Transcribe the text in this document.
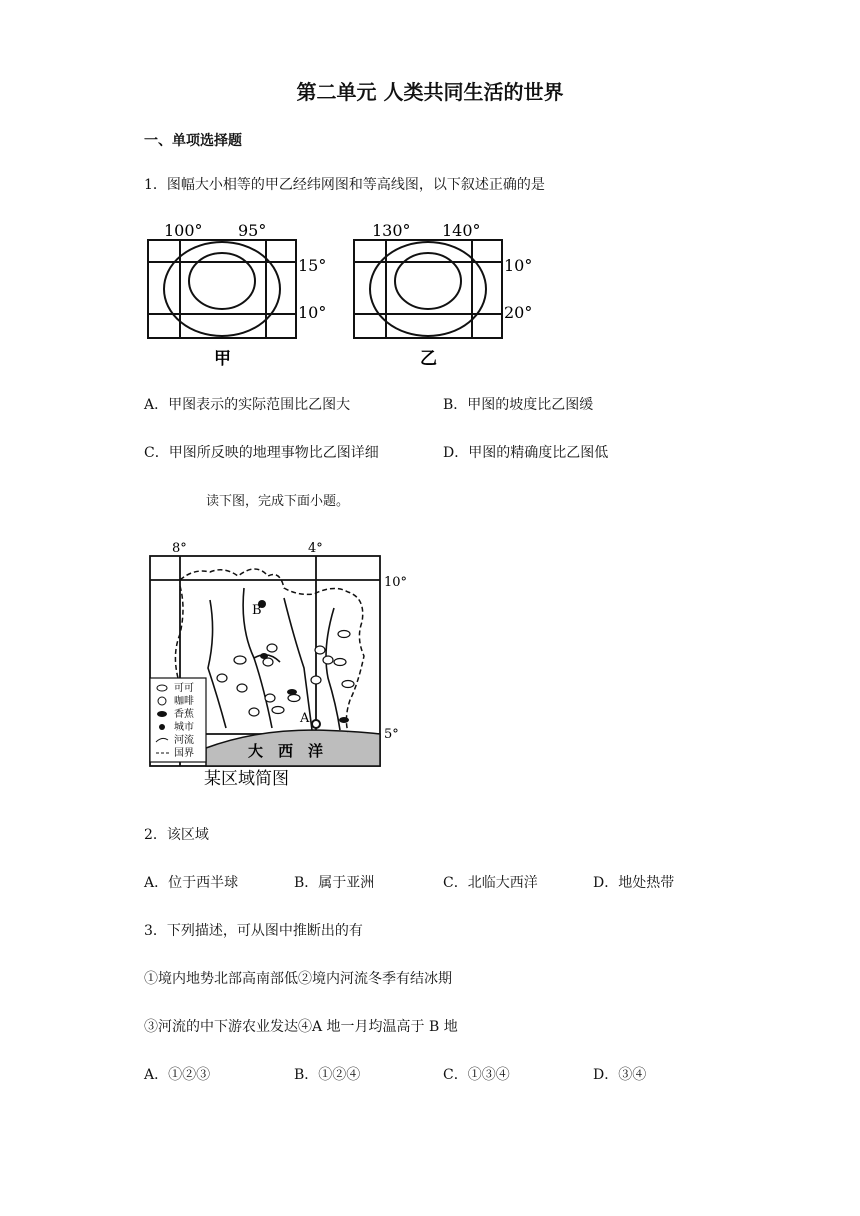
第二单元 人类共同生活的世界
一、单项选择题
1．图幅大小相等的甲乙经纬网图和等高线图，以下叙述正确的是
100° 95°
15°
10°
甲
130° 140°
10°
20°
乙
A．甲图表示的实际范围比乙图大	B．甲图的坡度比乙图缓
C．甲图所反映的地理事物比乙图详细	D．甲图的精确度比乙图低
读下图，完成下面小题。
大　西　洋
B
A
可可
咖啡
香蕉
城市
河流
国界
8°	4°
10°
5°
某区域简图
2．该区域
A．位于西半球	B．属于亚洲	C．北临大西洋	D．地处热带
3．下列描述，可从图中推断出的有
①境内地势北部高南部低②境内河流冬季有结冰期
③河流的中下游农业发达④A 地一月均温高于 B 地
A．①②③	B．①②④	C．①③④	D．③④
